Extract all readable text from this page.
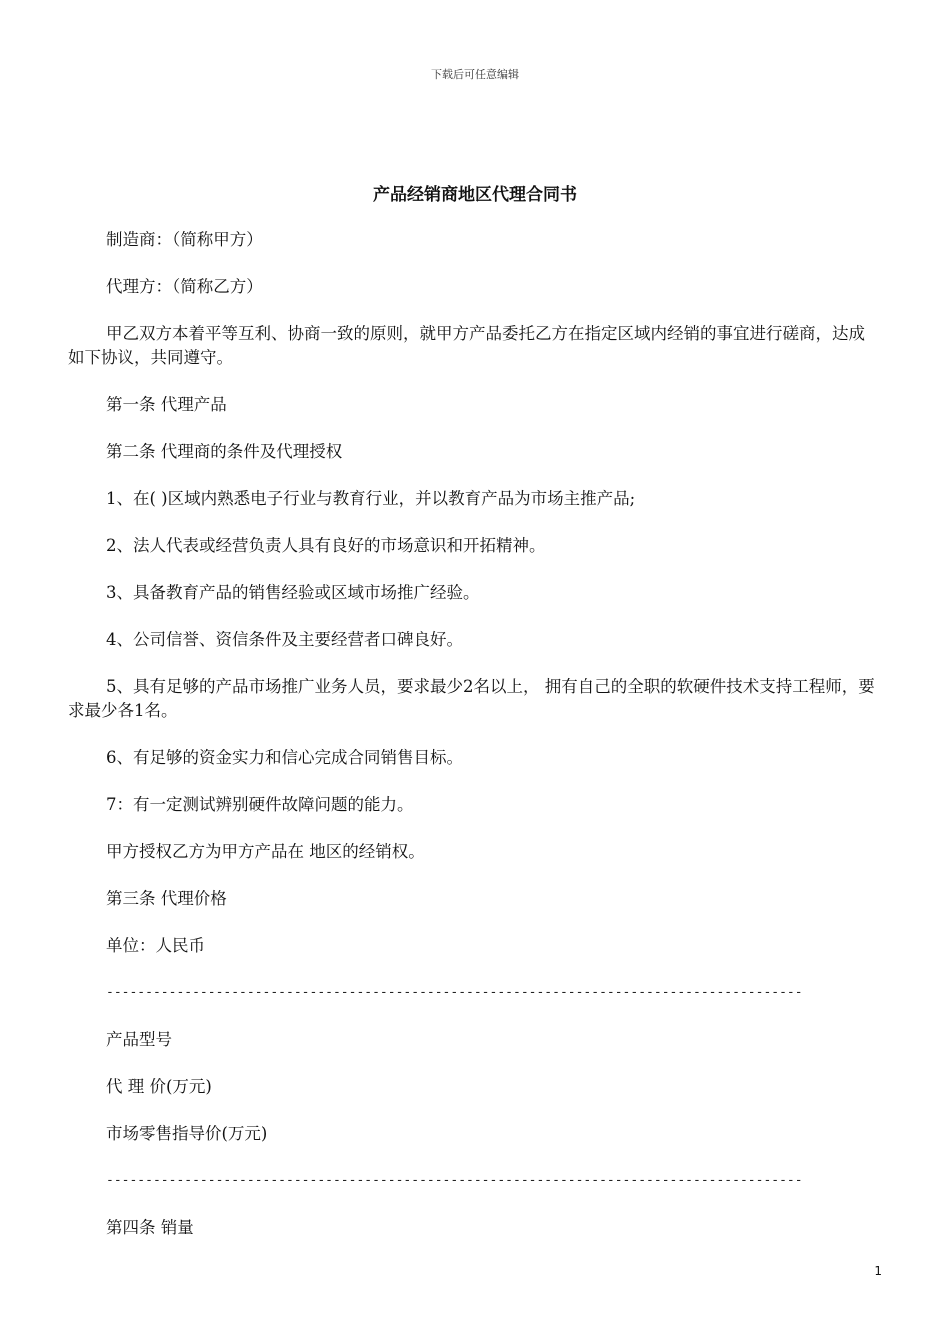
下载后可任意编辑
产品经销商地区代理合同书
制造商：（简称甲方）
代理方：（简称乙方）
甲乙双方本着平等互利、协商一致的原则，就甲方产品委托乙方在指定区域内经销的事宜进行磋商，达成如下协议，共同遵守。
第一条 代理产品
第二条 代理商的条件及代理授权
1、在( )区域内熟悉电子行业与教育行业，并以教育产品为市场主推产品;
2、法人代表或经营负责人具有良好的市场意识和开拓精神。
3、具备教育产品的销售经验或区域市场推广经验。
4、公司信誉、资信条件及主要经营者口碑良好。
5、具有足够的产品市场推广业务人员，要求最少2名以上， 拥有自己的全职的软硬件技术支持工程师，要求最少各1名。
6、有足够的资金实力和信心完成合同销售目标。
7：有一定测试辨别硬件故障问题的能力。
甲方授权乙方为甲方产品在 地区的经销权。
第三条 代理价格
单位：人民币
-----------------------------------------------------------------------------------------
产品型号
代 理 价(万元)
市场零售指导价(万元)
-----------------------------------------------------------------------------------------
第四条 销量
1
